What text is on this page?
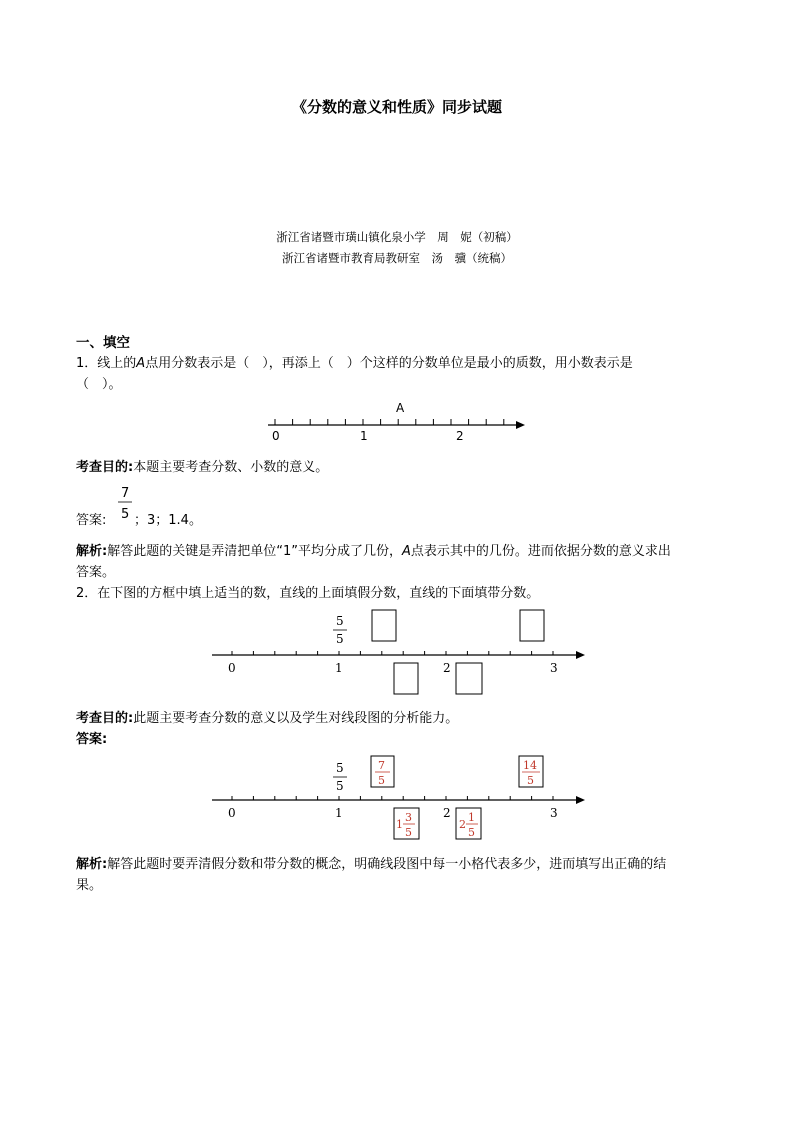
《分数的意义和性质》同步试题
浙江省诸暨市璜山镇化泉小学　周　妮（初稿）
浙江省诸暨市教育局教研室　汤　骥（统稿）
一、填空
1．线上的A点用分数表示是（　），再添上（　）个这样的分数单位是最小的质数，用小数表示是
（　）。
0	1	2
A
考查目的:本题主要考查分数、小数的意义。
答案:
7
5 ；3；1.4。
解析:解答此题的关键是弄清把单位“1”平均分成了几份，A点表示其中的几份。进而依据分数的意义求出
答案。
2．在下图的方框中填上适当的数，直线的上面填假分数，直线的下面填带分数。
0	1	2	3
5
5
考查目的:此题主要考查分数的意义以及学生对线段图的分析能力。
答案:
0	1	2	3
5
5
7
5
14
5
1
3
5
2
1
5
解析:解答此题时要弄清假分数和带分数的概念，明确线段图中每一小格代表多少，进而填写出正确的结
果。
